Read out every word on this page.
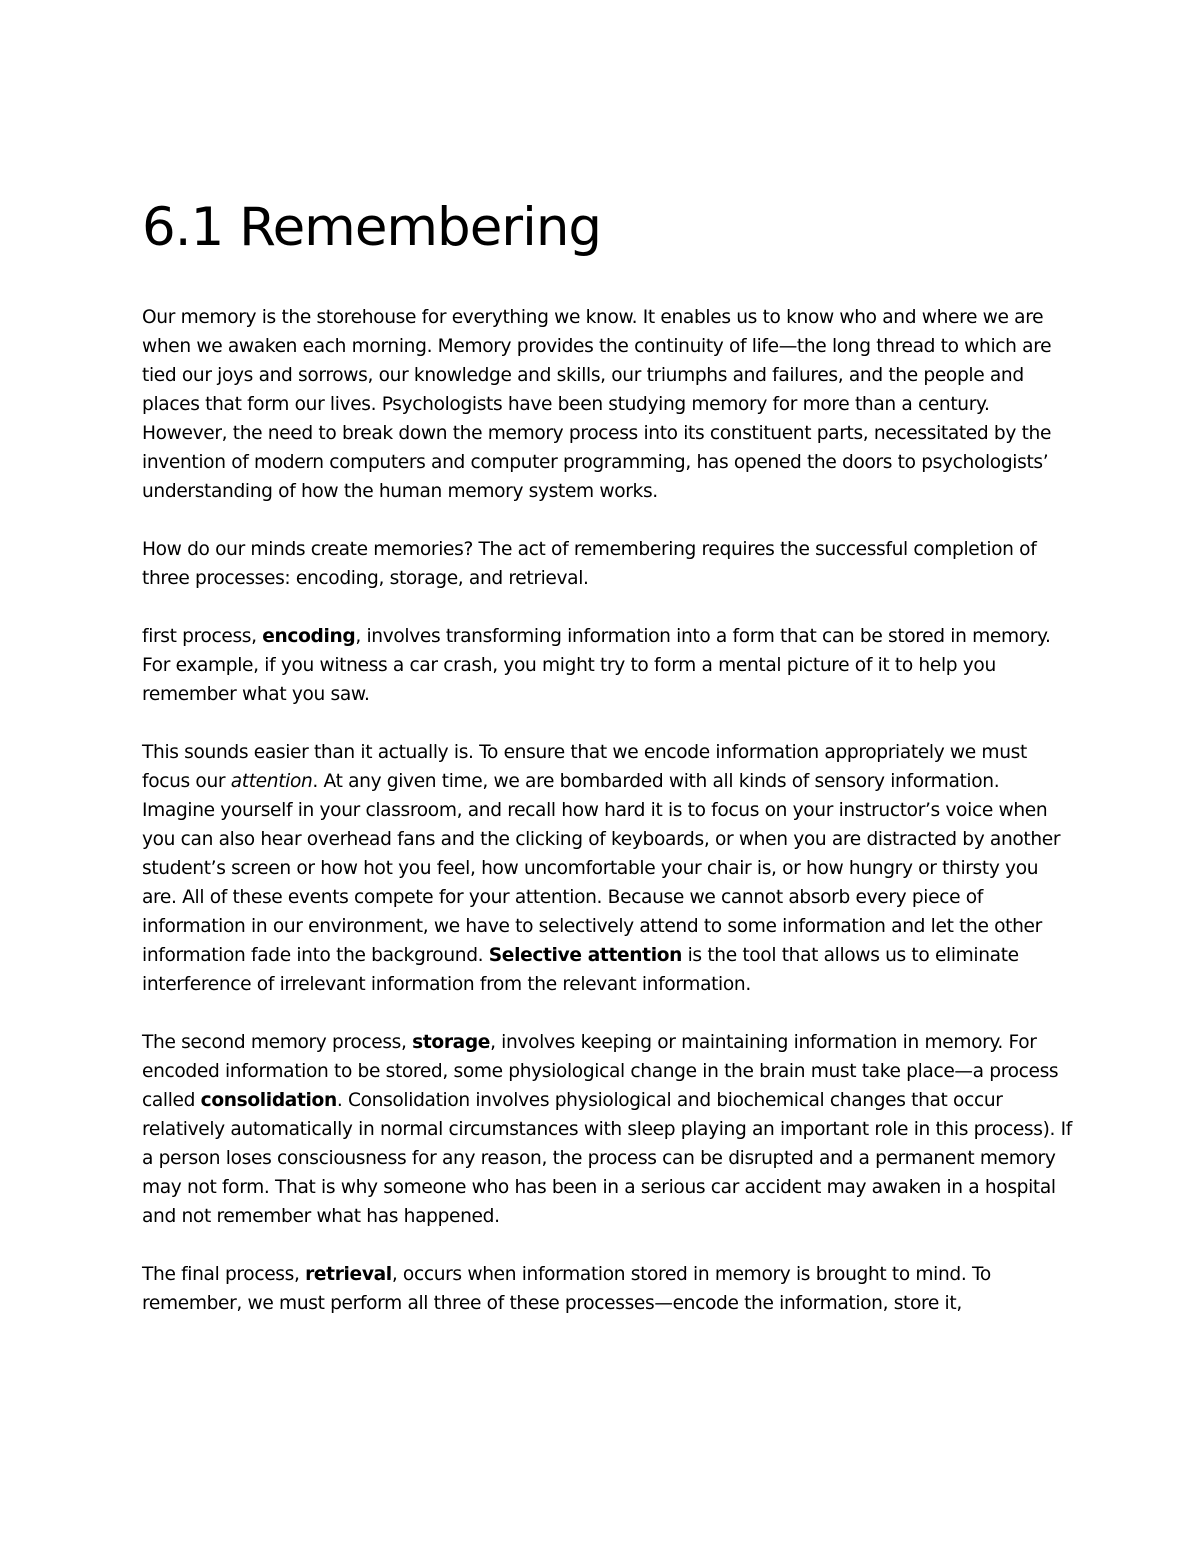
6.1 Remembering

Our memory is the storehouse for everything we know. It enables us to know who and where we are when we awaken each morning. Memory provides the continuity of life—the long thread to which are tied our joys and sorrows, our knowledge and skills, our triumphs and failures, and the people and places that form our lives. Psychologists have been studying memory for more than a century. However, the need to break down the memory process into its constituent parts, necessitated by the invention of modern computers and computer programming, has opened the doors to psychologists’ understanding of how the human memory system works.

How do our minds create memories? The act of remembering requires the successful completion of three processes: encoding, storage, and retrieval.

first process, encoding, involves transforming information into a form that can be stored in memory. For example, if you witness a car crash, you might try to form a mental picture of it to help you remember what you saw.

This sounds easier than it actually is. To ensure that we encode information appropriately we must focus our attention. At any given time, we are bombarded with all kinds of sensory information. Imagine yourself in your classroom, and recall how hard it is to focus on your instructor’s voice when you can also hear overhead fans and the clicking of keyboards, or when you are distracted by another student’s screen or how hot you feel, how uncomfortable your chair is, or how hungry or thirsty you are. All of these events compete for your attention. Because we cannot absorb every piece of information in our environment, we have to selectively attend to some information and let the other information fade into the background. Selective attention is the tool that allows us to eliminate interference of irrelevant information from the relevant information.

The second memory process, storage, involves keeping or maintaining information in memory. For encoded information to be stored, some physiological change in the brain must take place—a process called consolidation. Consolidation involves physiological and biochemical changes that occur relatively automatically in normal circumstances with sleep playing an important role in this process). If a person loses consciousness for any reason, the process can be disrupted and a permanent memory may not form. That is why someone who has been in a serious car accident may awaken in a hospital and not remember what has happened.

The final process, retrieval, occurs when information stored in memory is brought to mind. To remember, we must perform all three of these processes—encode the information, store it,
